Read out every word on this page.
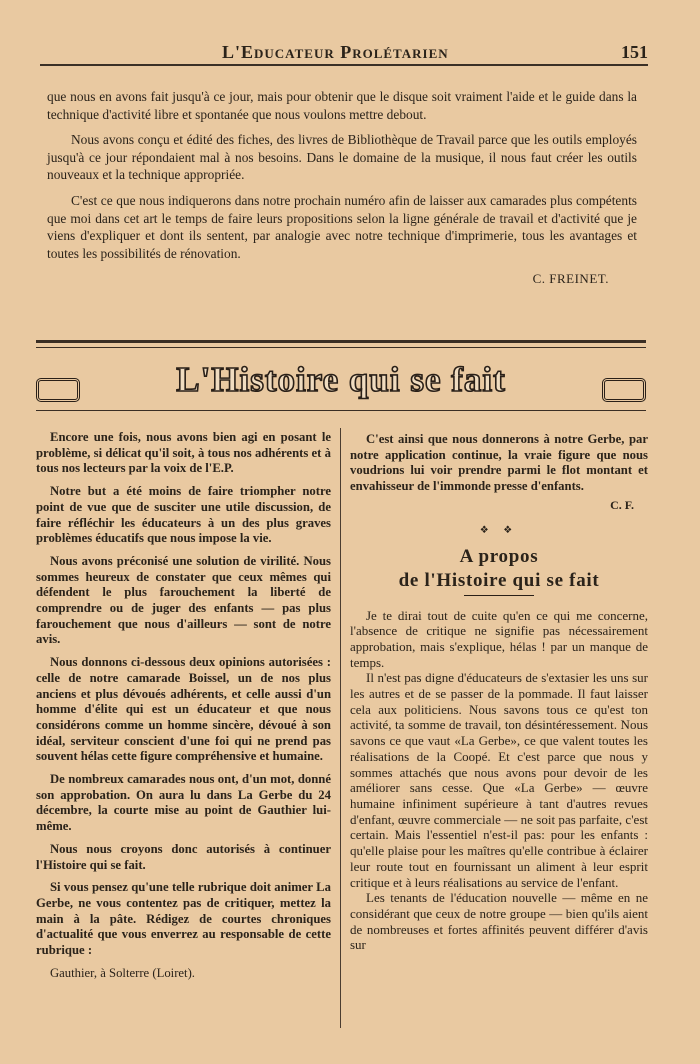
L'Educateur Prolétarien	151

que nous en avons fait jusqu'à ce jour, mais pour obtenir que le disque soit vraiment l'aide et le guide dans la technique d'activité libre et spontanée que nous voulons mettre debout.

Nous avons conçu et édité des fiches, des livres de Bibliothèque de Travail parce que les outils employés jusqu'à ce jour répondaient mal à nos besoins. Dans le domaine de la musique, il nous faut créer les outils nouveaux et la technique appropriée.

C'est ce que nous indiquerons dans notre prochain numéro afin de laisser aux camarades plus compétents que moi dans cet art le temps de faire leurs propositions selon la ligne générale de travail et d'activité que je viens d'expliquer et dont ils sentent, par analogie avec notre technique d'imprimerie, tous les avantages et toutes les possibilités de rénovation.

C. FREINET.
L'Histoire qui se fait

Encore une fois, nous avons bien agi en posant le problème, si délicat qu'il soit, à tous nos adhérents et à tous nos lecteurs par la voix de l'E.P.

Notre but a été moins de faire triompher notre point de vue que de susciter une utile discussion, de faire réfléchir les éducateurs à un des plus graves problèmes éducatifs que nous impose la vie.

Nous avons préconisé une solution de virilité. Nous sommes heureux de constater que ceux mêmes qui défendent le plus farouchement la liberté de comprendre ou de juger des enfants — pas plus farouchement que nous d'ailleurs — sont de notre avis.

Nous donnons ci-dessous deux opinions autorisées : celle de notre camarade Boissel, un de nos plus anciens et plus dévoués adhérents, et celle aussi d'un homme d'élite qui est un éducateur et que nous considérons comme un homme sincère, dévoué à son idéal, serviteur conscient d'une foi qui ne prend pas souvent hélas cette figure compréhensive et humaine.

De nombreux camarades nous ont, d'un mot, donné son approbation. On aura lu dans La Gerbe du 24 décembre, la courte mise au point de Gauthier lui-même.

Nous nous croyons donc autorisés à continuer l'Histoire qui se fait.

Si vous pensez qu'une telle rubrique doit animer La Gerbe, ne vous contentez pas de critiquer, mettez la main à la pâte. Rédigez de courtes chroniques d'actualité que vous enverrez au responsable de cette rubrique :

Gauthier, à Solterre (Loiret).

C'est ainsi que nous donnerons à notre Gerbe, par notre application continue, la vraie figure que nous voudrions lui voir prendre parmi le flot montant et envahisseur de l'immonde presse d'enfants.

C. F.
❖ ❖
A propos
de l'Histoire qui se fait

Je te dirai tout de cuite qu'en ce qui me concerne, l'absence de critique ne signifie pas nécessairement approbation, mais s'explique, hélas ! par un manque de temps.

Il n'est pas digne d'éducateurs de s'extasier les uns sur les autres et de se passer de la pommade. Il faut laisser cela aux politiciens. Nous savons tous ce qu'est ton activité, ta somme de travail, ton désintéressement. Nous savons ce que vaut «La Gerbe», ce que valent toutes les réalisations de la Coopé. Et c'est parce que nous y sommes attachés que nous avons pour devoir de les améliorer sans cesse. Que «La Gerbe» — œuvre humaine infiniment supérieure à tant d'autres revues d'enfant, œuvre commerciale — ne soit pas parfaite, c'est certain. Mais l'essentiel n'est-il pas: pour les enfants : qu'elle plaise pour les maîtres qu'elle contribue à éclairer leur route tout en fournissant un aliment à leur esprit critique et à leurs réalisations au service de l'enfant.

Les tenants de l'éducation nouvelle — même en ne considérant que ceux de notre groupe — bien qu'ils aient de nombreuses et fortes affinités peuvent différer d'avis sur
